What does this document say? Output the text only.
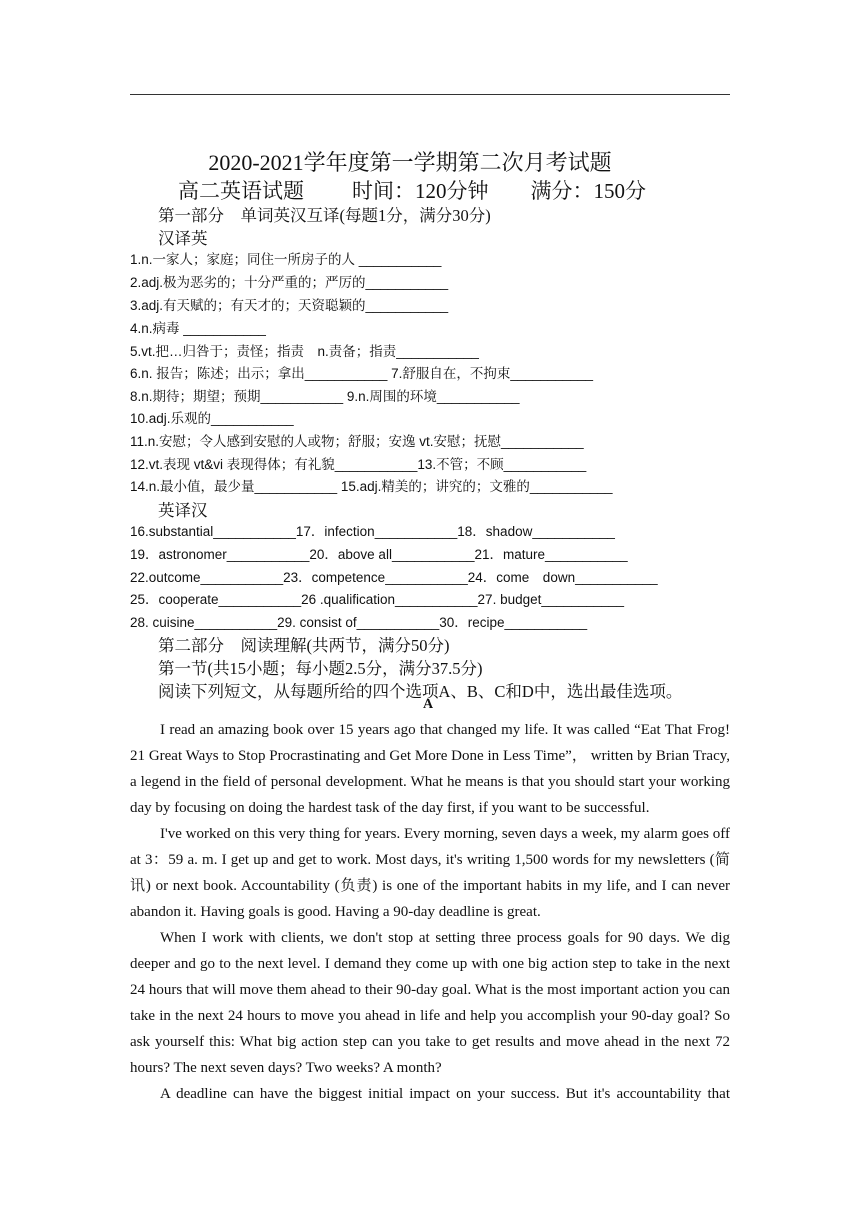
2020-2021学年度第一学期第二次月考试题
高二英语试题 时间：120分钟 满分：150分
第一部分　单词英汉互译(每题1分，满分30分)
汉译英
1.n.一家人；家庭；同住一所房子的人 ___________
2.adj.极为恶劣的；十分严重的；严厉的___________
3.adj.有天赋的；有天才的；天资聪颖的___________
4.n.病毒 ___________
5.vt.把…归咎于；责怪；指责　n.责备；指责___________
6.n. 报告；陈述；出示；拿出___________ 7.舒服自在，不拘束___________
8.n.期待；期望；预期___________ 9.n.周围的环境___________
10.adj.乐观的___________
11.n.安慰；令人感到安慰的人或物；舒服；安逸 vt.安慰；抚慰___________
12.vt.表现 vt&vi 表现得体；有礼貌___________13.不管；不顾___________
14.n.最小值，最少量___________ 15.adj.精美的；讲究的；文雅的___________
英译汉
16.substantial___________17．infection___________18．shadow___________
19．astronomer___________20．above all___________21．mature___________
22.outcome___________23．competence___________24．come　down___________
25．cooperate___________26 .qualification___________27. budget___________
28. cuisine___________29. consist of___________30．recipe___________
第二部分　阅读理解(共两节，满分50分)
第一节(共15小题；每小题2.5分，满分37.5分)
阅读下列短文，从每题所给的四个选项A、B、C和D中，选出最佳选项。
A
I read an amazing book over 15 years ago that changed my life. It was called “Eat That Frog! 21 Great Ways to Stop Procrastinating and Get More Done in Less Time”， written by Brian Tracy, a legend in the field of personal development. What he means is that you should start your working day by focusing on doing the hardest task of the day first, if you want to be successful.
I've worked on this very thing for years. Every morning, seven days a week, my alarm goes off at 3：59 a. m. I get up and get to work. Most days, it's writing 1,500 words for my newsletters (简讯) or next book. Accountability (负责) is one of the important habits in my life, and I can never abandon it. Having goals is good. Having a 90-day deadline is great.
When I work with clients, we don't stop at setting three process goals for 90 days. We dig deeper and go to the next level. I demand they come up with one big action step to take in the next 24 hours that will move them ahead to their 90-day goal. What is the most important action you can take in the next 24 hours to move you ahead in life and help you accomplish your 90-day goal? So ask yourself this: What big action step can you take to get results and move ahead in the next 72 hours? The next seven days? Two weeks? A month?
A deadline can have the biggest initial impact on your success. But it's accountability that
